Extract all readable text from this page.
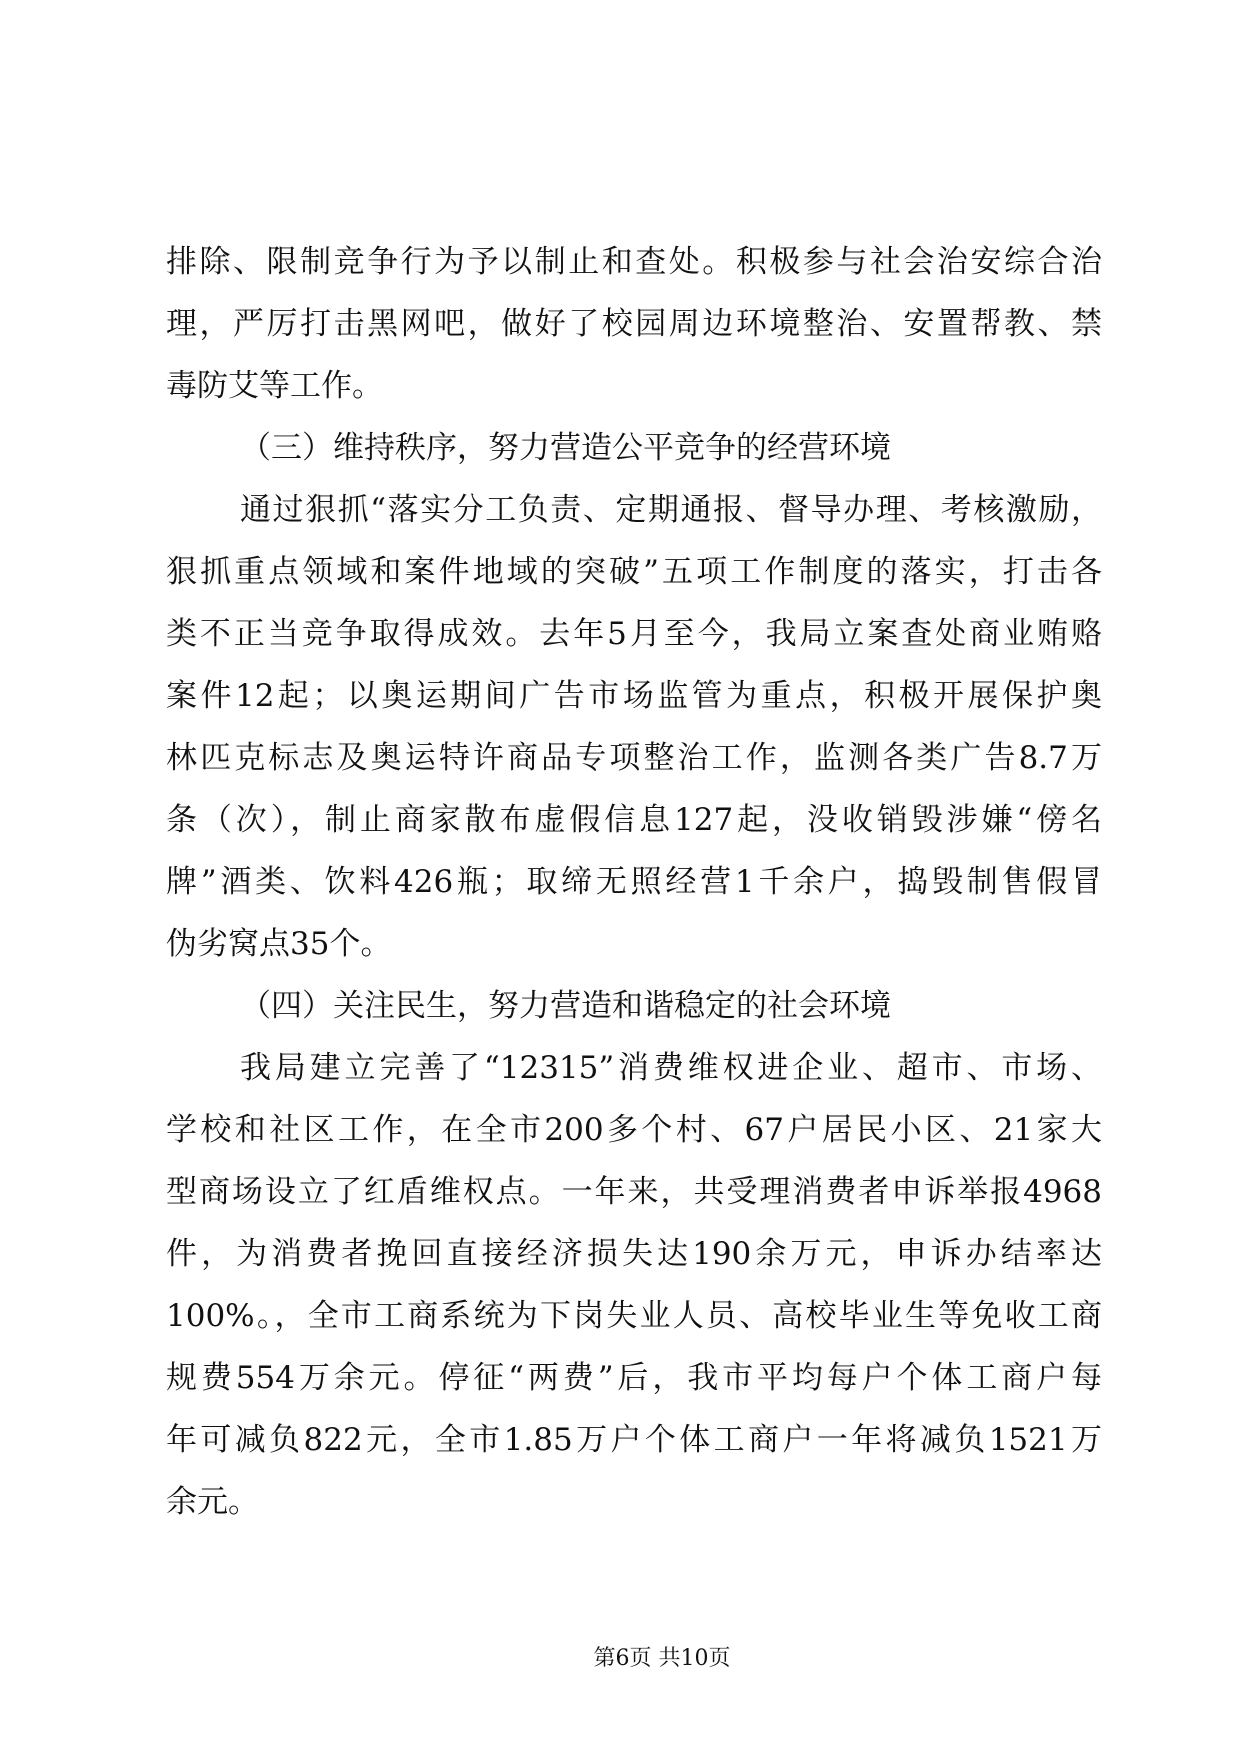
排除、限制竞争行为予以制止和查处。积极参与社会治安综合治
理，严厉打击黑网吧，做好了校园周边环境整治、安置帮教、禁
毒防艾等工作。
（三）维持秩序，努力营造公平竞争的经营环境
通过狠抓“落实分工负责、定期通报、督导办理、考核激励，
狠抓重点领域和案件地域的突破”五项工作制度的落实，打击各
类不正当竞争取得成效。去年5月至今，我局立案查处商业贿赂
案件12起；以奥运期间广告市场监管为重点，积极开展保护奥
林匹克标志及奥运特许商品专项整治工作，监测各类广告8.7万
条（次），制止商家散布虚假信息127起，没收销毁涉嫌“傍名
牌”酒类、饮料426瓶；取缔无照经营1千余户，捣毁制售假冒
伪劣窝点35个。
（四）关注民生，努力营造和谐稳定的社会环境
我局建立完善了“12315”消费维权进企业、超市、市场、
学校和社区工作，在全市200多个村、67户居民小区、21家大
型商场设立了红盾维权点。一年来，共受理消费者申诉举报4968
件，为消费者挽回直接经济损失达190余万元，申诉办结率达
100%。，全市工商系统为下岗失业人员、高校毕业生等免收工商
规费554万余元。停征“两费”后，我市平均每户个体工商户每
年可减负822元，全市1.85万户个体工商户一年将减负1521万
余元。
第6页 共10页
